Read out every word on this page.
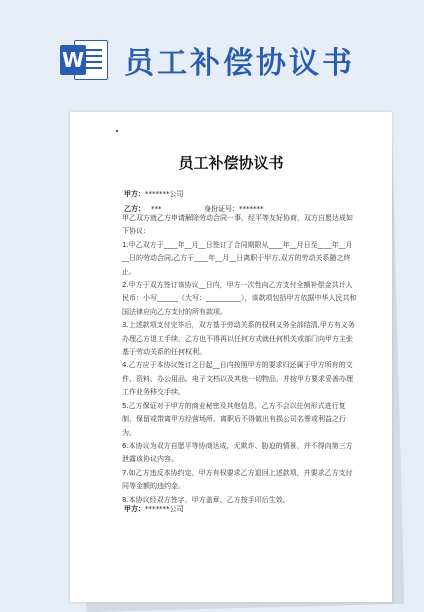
W 员工补偿协议书
员工补偿协议书
甲方：*******公司
乙方： ***	身份证号：*******

甲乙双方就乙方申请解除劳动合同一事，经平等友好协商，双方自愿达成如下协议：

1.甲乙双方于____年__月__日签订了合同期限从____年__月日至____年__月__日的劳动合同,乙方于____年__月__日离职于甲方,双方的劳动关系随之终止。

2.甲方于双方签订该协议__日内，甲方一次性向乙方支付全额补偿金共计人民币：小写______（大写：__________），该款项包括甲方依据中华人民共和国法律应向乙方支付的所有款项。

3.上述款项支付完毕后，双方基于劳动关系的权利义务全部结清,甲方有义务办理乙方退工手续，乙方也不得再以任何方式就任何机关或部门向甲方主张基于劳动关系的任何权利。

4.乙方应于本协议签订之日起__日内按照甲方的要求归还属于甲方所有的文件、资料、办公用品、电子文档以及其他一切物品，并按甲方要求妥善办理工作业务移交手续。

5.乙方保证对于甲方的商业秘密及其他信息，乙方不会以任何形式进行复制，保留或带离甲方经营场所，离职后不得做出有损公司名誉或利益之行为。

6.本协议为双方自愿平等协商达成，无欺诈、胁迫的情景，并不得向第三方泄露该协议内容。

7.如乙方违反本协约定，甲方有权要求乙方退回上述款项，并要求乙方支付同等金额的违约金。

8.本协议经双方签字、甲方盖章、乙方按手印后生效。

甲方：*******公司
